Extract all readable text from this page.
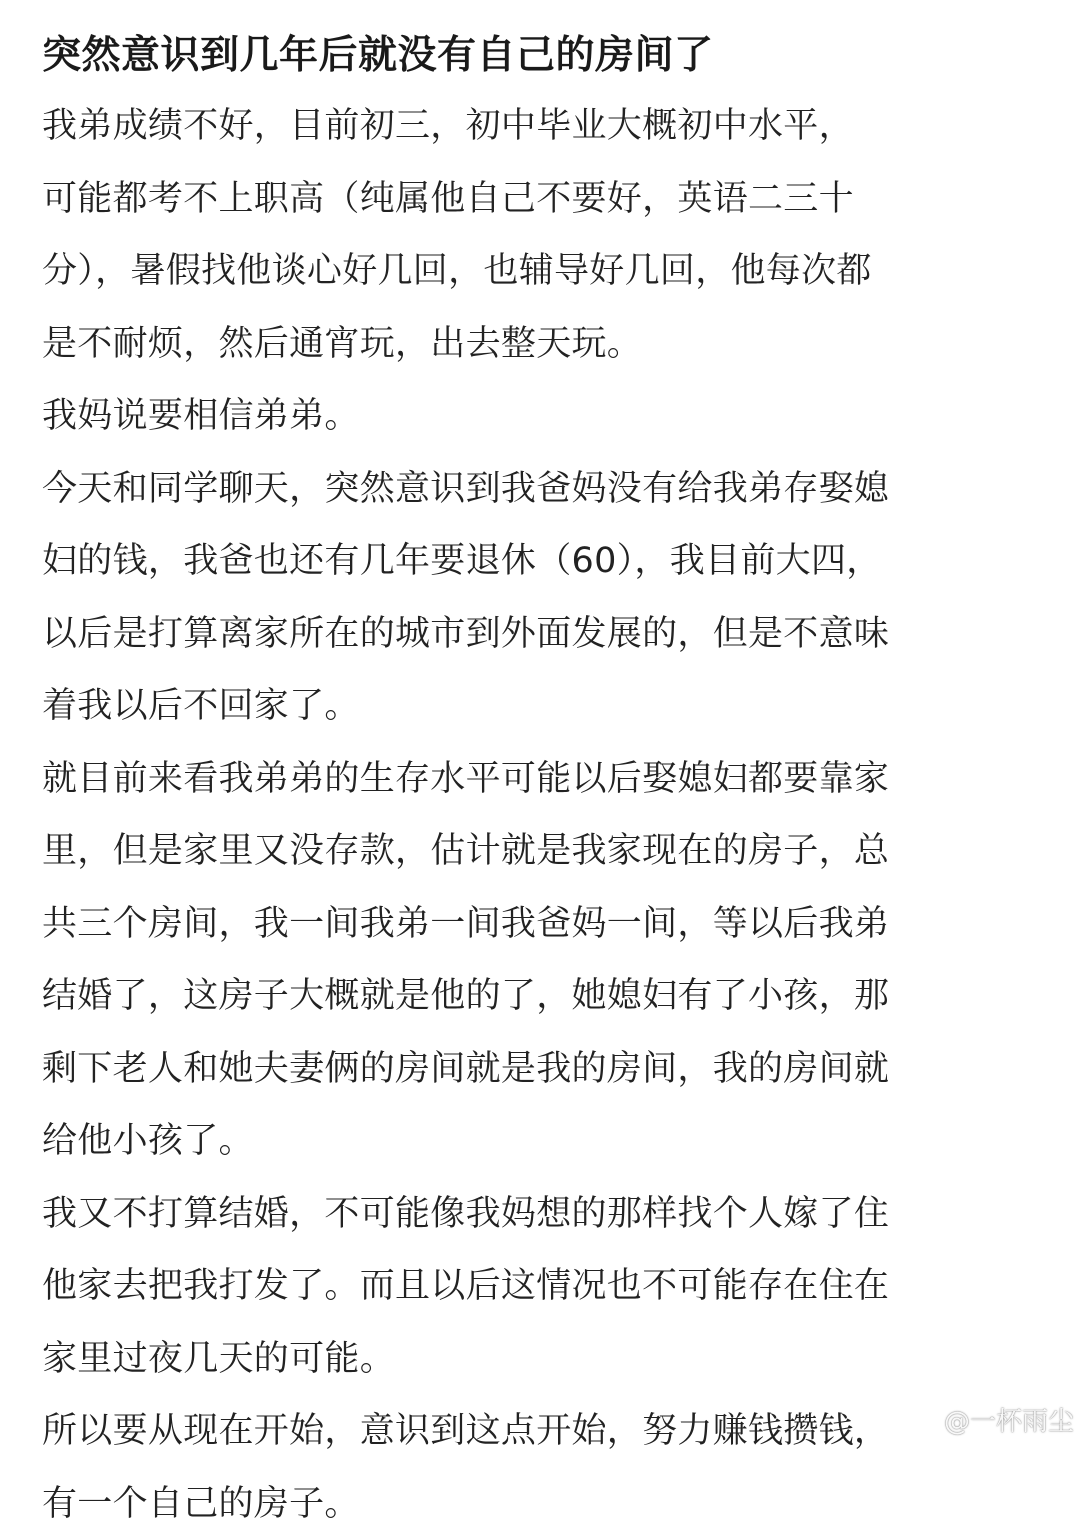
突然意识到几年后就没有自己的房间了
我弟成绩不好，目前初三，初中毕业大概初中水平，
可能都考不上职高（纯属他自己不要好，英语二三十
分），暑假找他谈心好几回，也辅导好几回，他每次都
是不耐烦，然后通宵玩，出去整天玩。
我妈说要相信弟弟。
今天和同学聊天，突然意识到我爸妈没有给我弟存娶媳
妇的钱，我爸也还有几年要退休（60），我目前大四，
以后是打算离家所在的城市到外面发展的，但是不意味
着我以后不回家了。
就目前来看我弟弟的生存水平可能以后娶媳妇都要靠家
里，但是家里又没存款，估计就是我家现在的房子，总
共三个房间，我一间我弟一间我爸妈一间，等以后我弟
结婚了，这房子大概就是他的了，她媳妇有了小孩，那
剩下老人和她夫妻俩的房间就是我的房间，我的房间就
给他小孩了。
我又不打算结婚，不可能像我妈想的那样找个人嫁了住
他家去把我打发了。而且以后这情况也不可能存在住在
家里过夜几天的可能。
所以要从现在开始，意识到这点开始，努力赚钱攒钱，
有一个自己的房子。
@一杯雨尘
